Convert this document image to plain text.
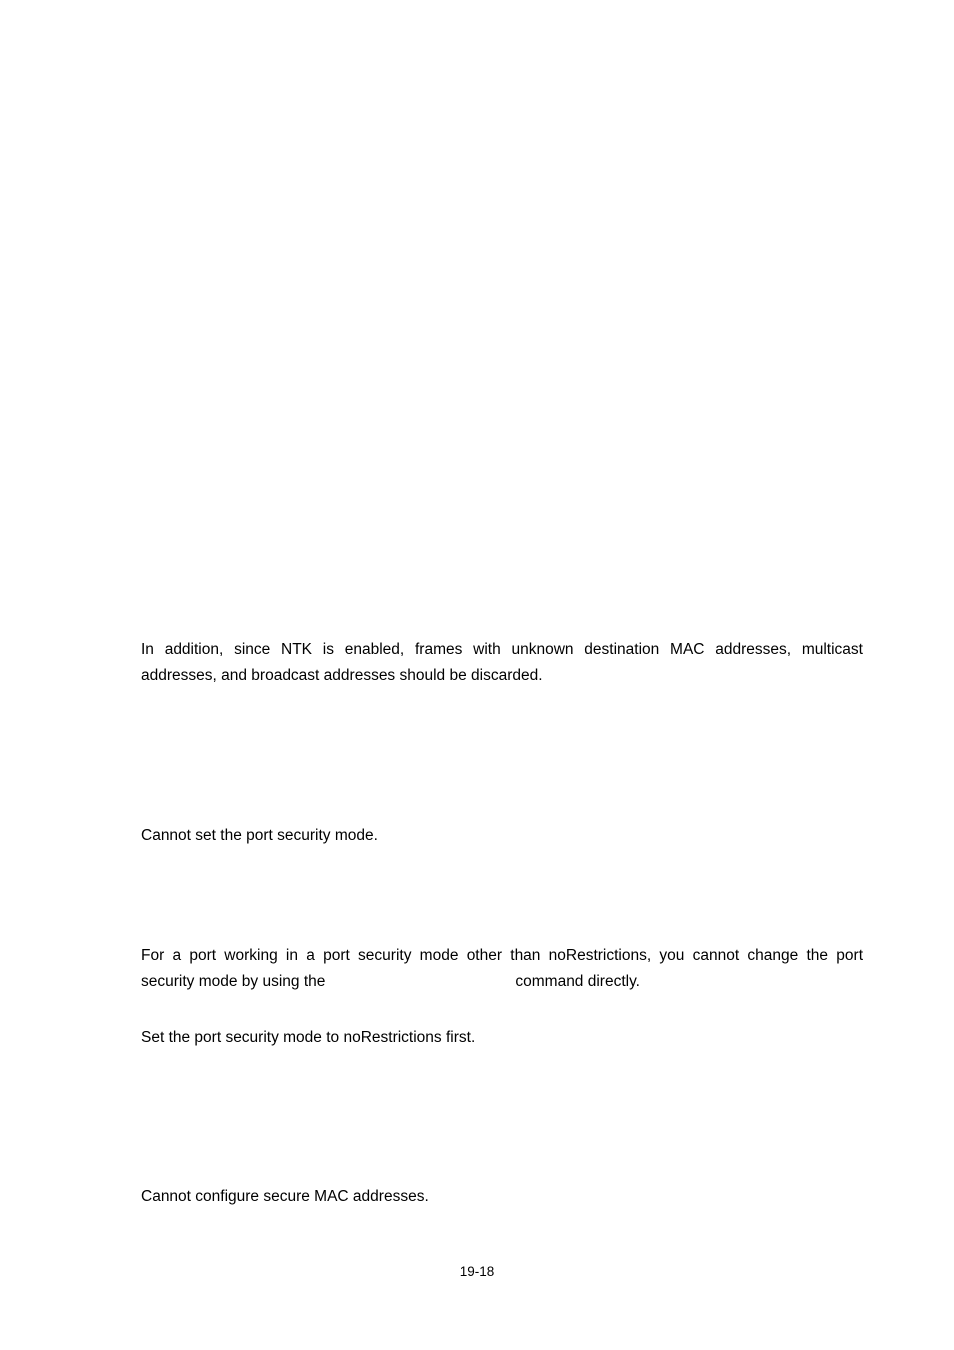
In addition, since NTK is enabled, frames with unknown destination MAC addresses, multicast
addresses, and broadcast addresses should be discarded.

Cannot set the port security mode.

For a port working in a port security mode other than noRestrictions, you cannot change the port
security mode by using the	command directly.

Set the port security mode to noRestrictions first.

Cannot configure secure MAC addresses.

19-18
